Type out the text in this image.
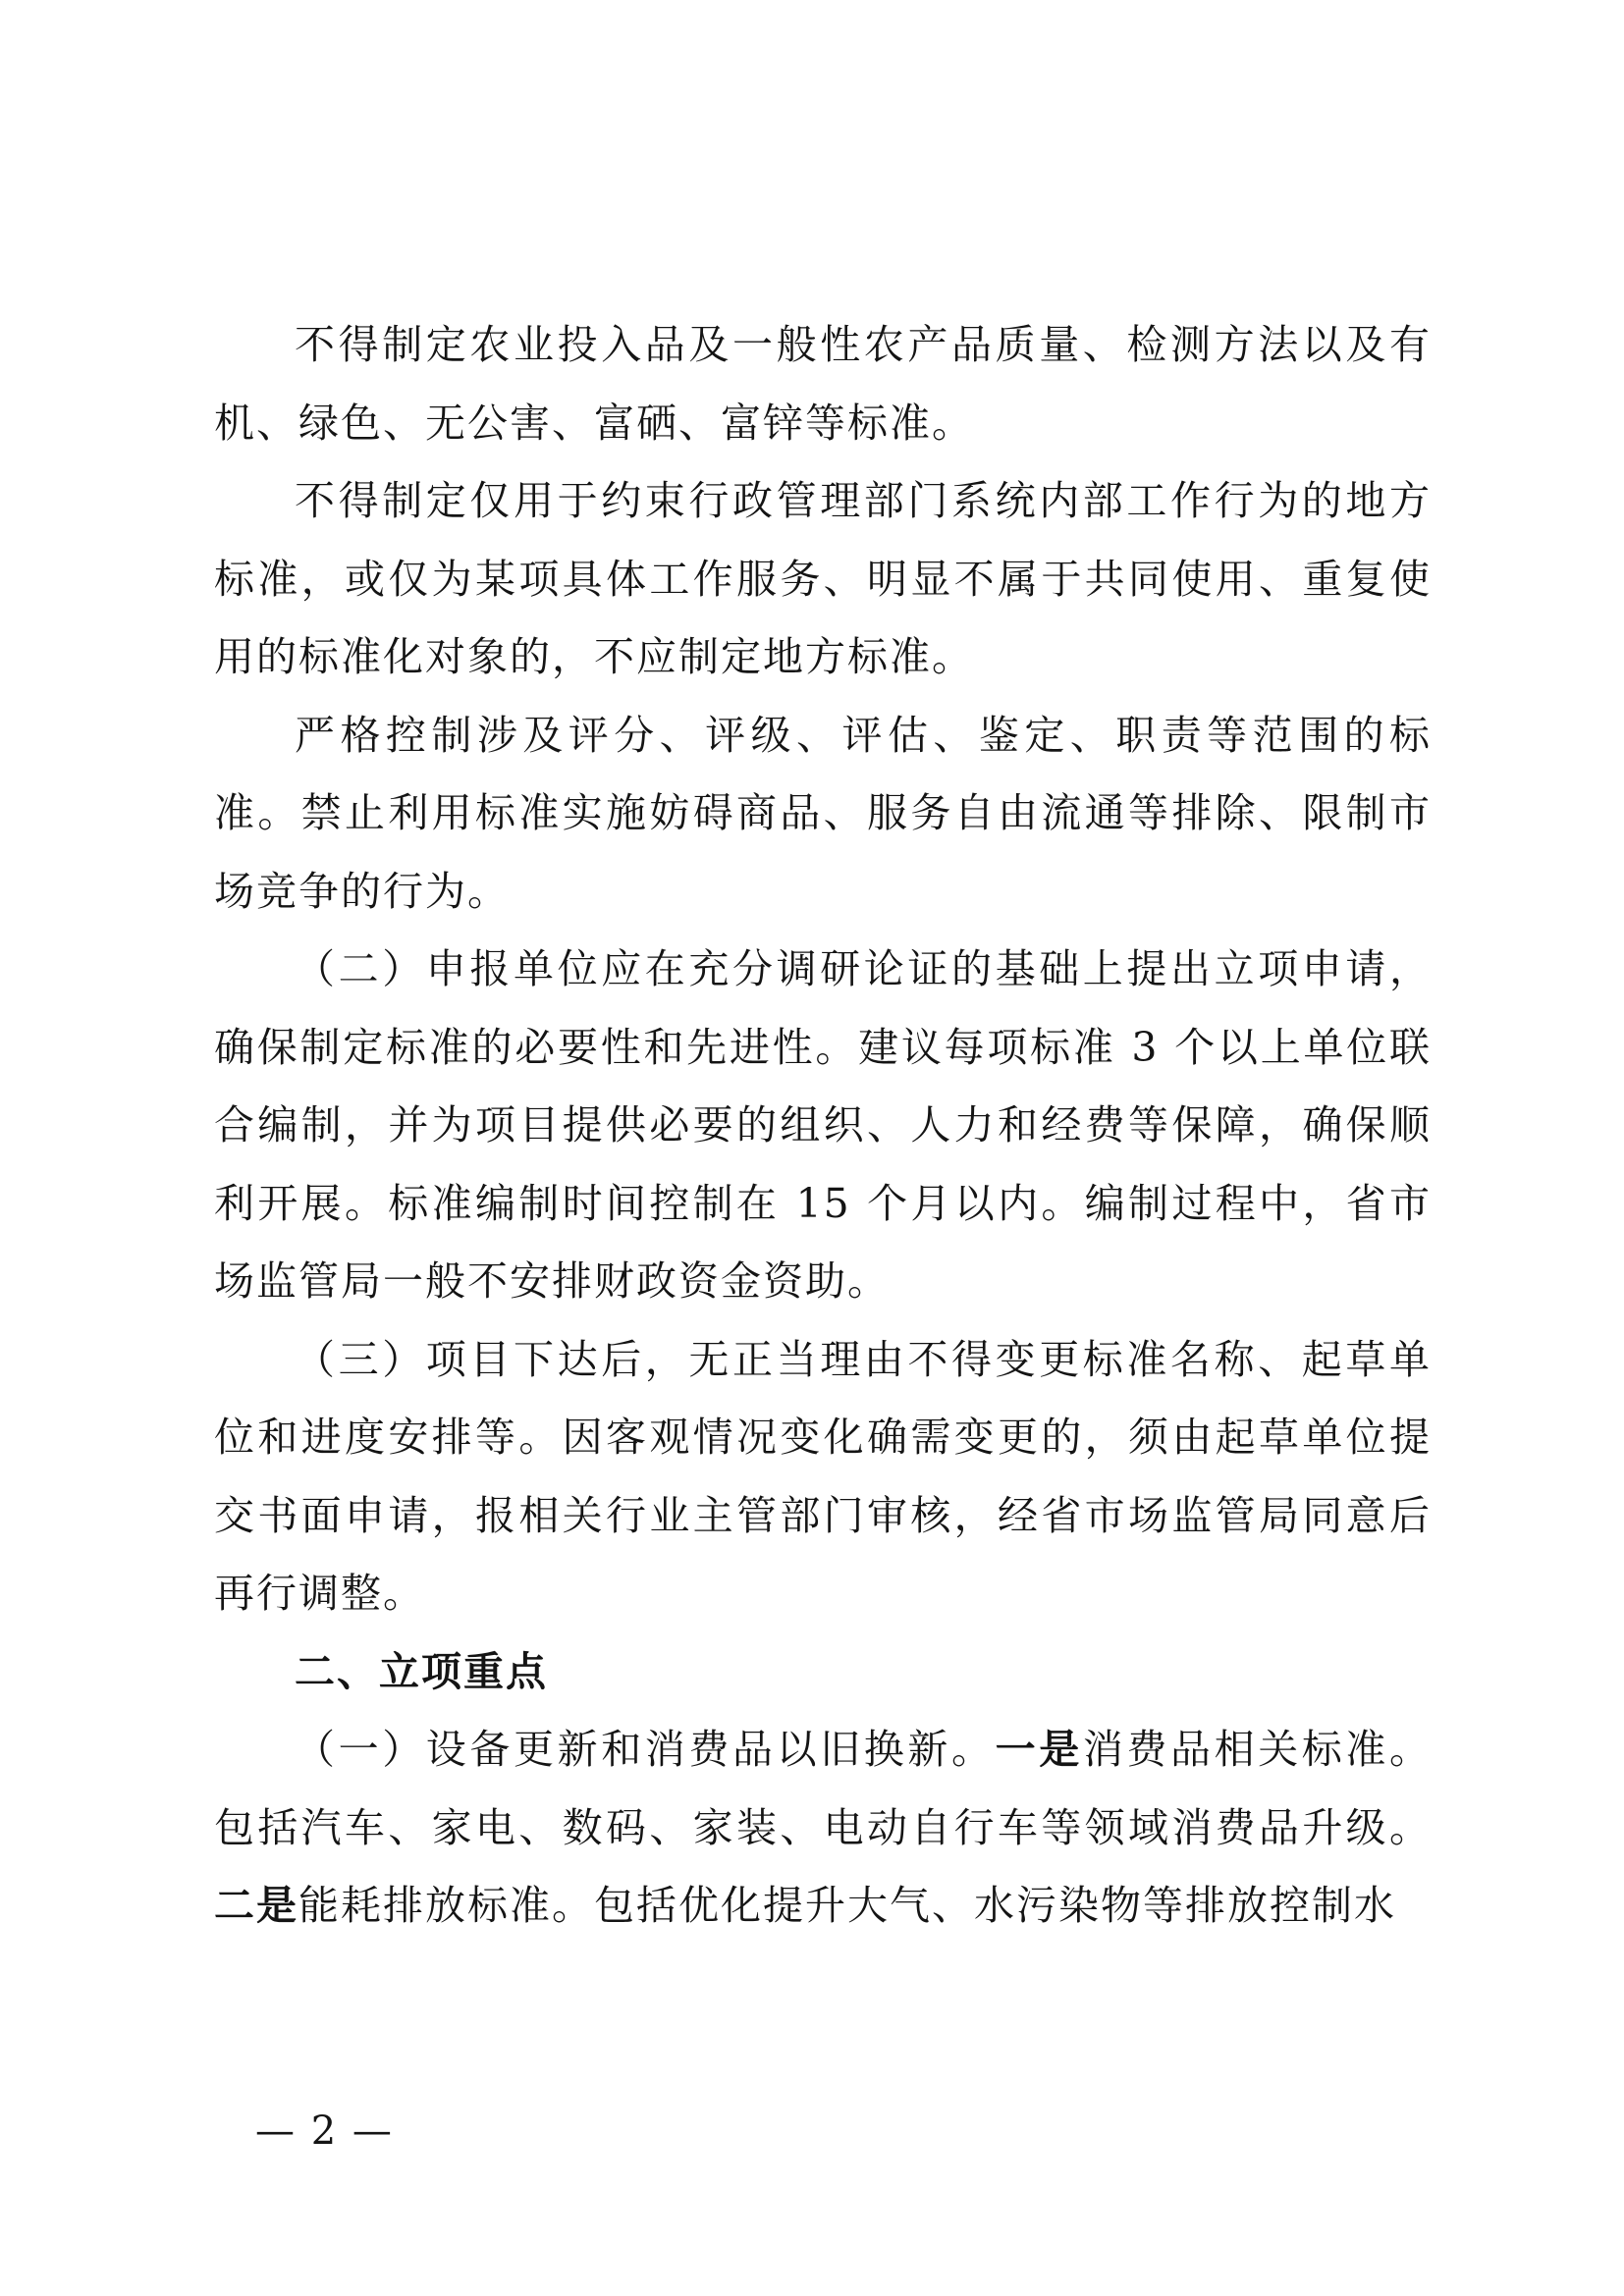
不得制定农业投入品及一般性农产品质量、检测方法以及有机、绿色、无公害、富硒、富锌等标准。

不得制定仅用于约束行政管理部门系统内部工作行为的地方标准，或仅为某项具体工作服务、明显不属于共同使用、重复使用的标准化对象的，不应制定地方标准。

严格控制涉及评分、评级、评估、鉴定、职责等范围的标准。禁止利用标准实施妨碍商品、服务自由流通等排除、限制市场竞争的行为。

（二）申报单位应在充分调研论证的基础上提出立项申请，确保制定标准的必要性和先进性。建议每项标准 3 个以上单位联合编制，并为项目提供必要的组织、人力和经费等保障，确保顺利开展。标准编制时间控制在 15 个月以内。编制过程中，省市场监管局一般不安排财政资金资助。

（三）项目下达后，无正当理由不得变更标准名称、起草单位和进度安排等。因客观情况变化确需变更的，须由起草单位提交书面申请，报相关行业主管部门审核，经省市场监管局同意后再行调整。

二、立项重点

（一）设备更新和消费品以旧换新。一是消费品相关标准。包括汽车、家电、数码、家装、电动自行车等领域消费品升级。二是能耗排放标准。包括优化提升大气、水污染物等排放控制水

— 2 —
